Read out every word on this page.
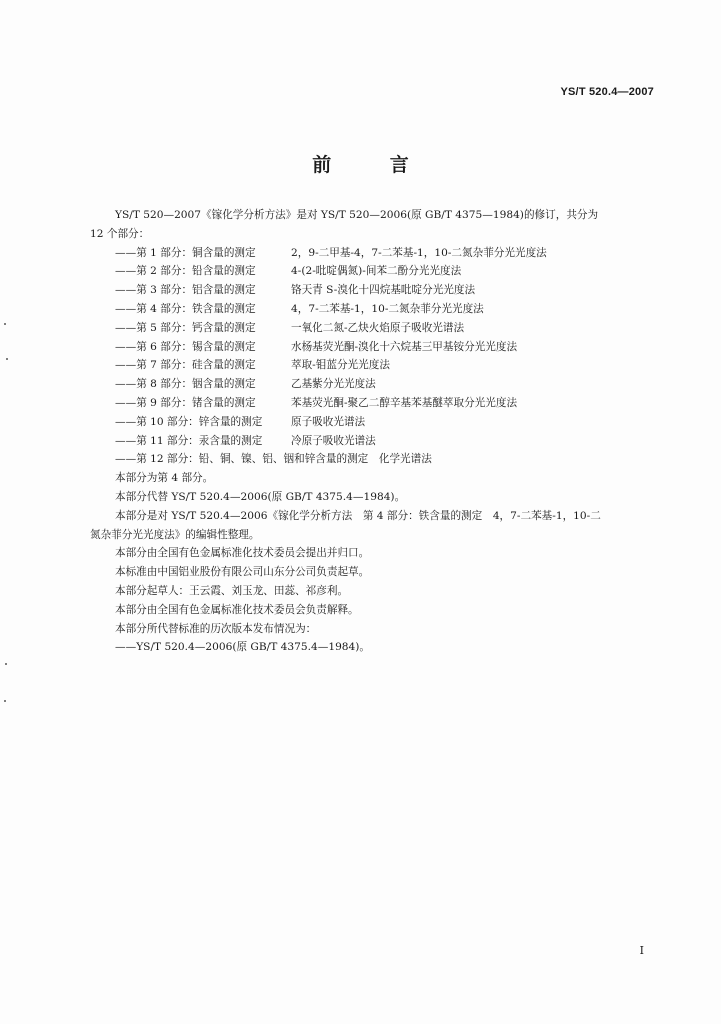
YS/T 520.4—2007
前 言

YS/T 520—2007《镓化学分析方法》是对 YS/T 520—2006(原 GB/T 4375—1984)的修订，共分为

12 个部分：

——第 1 部分：铜含量的测定	2，9-二甲基-4，7-二苯基-1，10-二氮杂菲分光光度法
——第 2 部分：铅含量的测定	4-(2-吡啶偶氮)-间苯二酚分光光度法
——第 3 部分：铝含量的测定	铬天青 S-溴化十四烷基吡啶分光光度法
——第 4 部分：铁含量的测定	4，7-二苯基-1，10-二氮杂菲分光光度法
——第 5 部分：钙含量的测定	一氧化二氮-乙炔火焰原子吸收光谱法
——第 6 部分：锡含量的测定	水杨基荧光酮-溴化十六烷基三甲基铵分光光度法
——第 7 部分：硅含量的测定	萃取-钼蓝分光光度法
——第 8 部分：铟含量的测定	乙基紫分光光度法
——第 9 部分：锗含量的测定	苯基荧光酮-聚乙二醇辛基苯基醚萃取分光光度法
——第 10 部分：锌含量的测定	原子吸收光谱法
——第 11 部分：汞含量的测定	冷原子吸收光谱法
——第 12 部分：铅、铜、镍、铝、铟和锌含量的测定　 化学光谱法

本部分为第 4 部分。

本部分代替 YS/T 520.4—2006(原 GB/T 4375.4—1984)。

本部分是对 YS/T 520.4—2006《镓化学分析方法　第 4 部分：铁含量的测定　4，7-二苯基-1，10-二

氮杂菲分光光度法》的编辑性整理。

本部分由全国有色金属标准化技术委员会提出并归口。

本标准由中国铝业股份有限公司山东分公司负责起草。

本部分起草人：王云霞、刘玉龙、田蕊、祁彦利。

本部分由全国有色金属标准化技术委员会负责解释。

本部分所代替标准的历次版本发布情况为：

——YS/T 520.4—2006(原 GB/T 4375.4—1984)。

I
